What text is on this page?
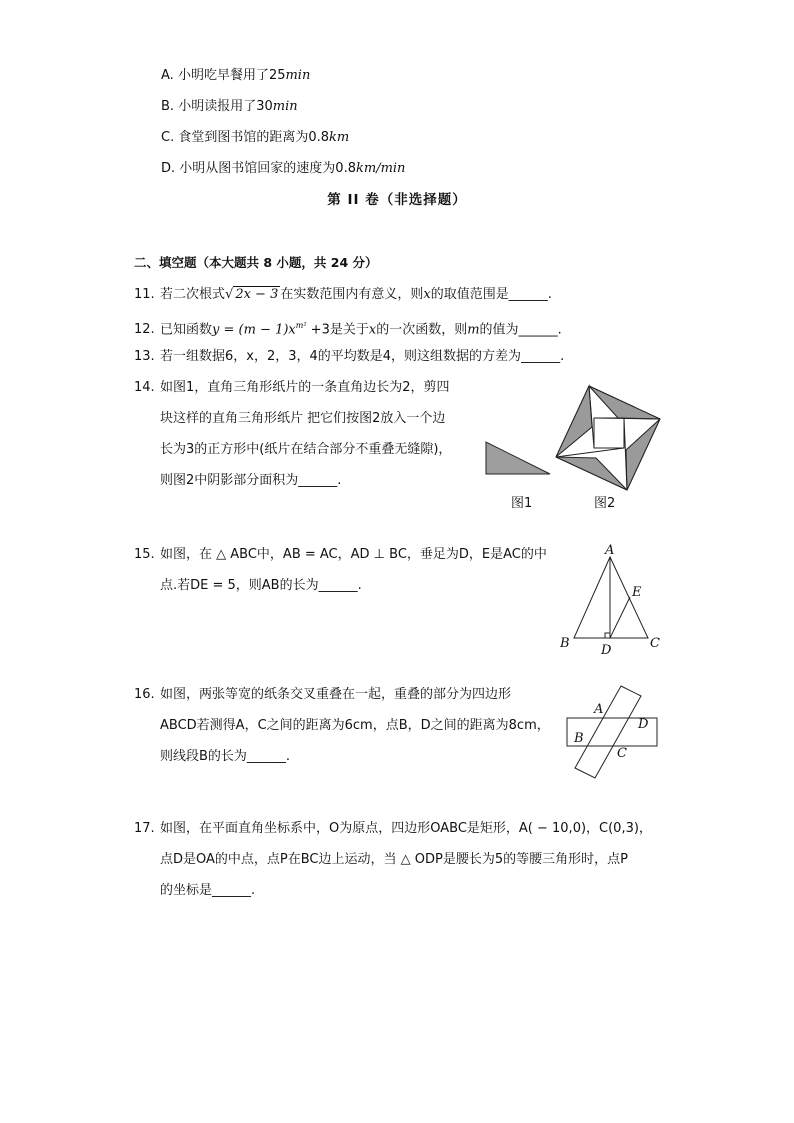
A. 小明吃早餐用了25min
B. 小明读报用了30min
C. 食堂到图书馆的距离为0.8km
D. 小明从图书馆回家的速度为0.8km/min
第 II 卷（非选择题）
二、填空题（本大题共 8 小题，共 24 分）
11. 若二次根式√ 2x − 3 在实数范围内有意义，则x的取值范围是______.
12. 已知函数$y = (m - 1)x^{m^2} +3$是关于x的一次函数，则m的值为______.
13. 若一组数据6，x，2，3，4的平均数是4，则这组数据的方差为______.
14. 如图1，直角三角形纸片的一条直角边长为2，剪四
块这样的直角三角形纸片 把它们按图2放入一个边
长为3的正方形中(纸片在结合部分不重叠无缝隙)，
则图2中阴影部分面积为______.
图1	图2
15. 如图，在 △ ABC中，AB = AC，AD ⊥ BC，垂足为D，E是AC的中
点.若DE = 5，则AB的长为______.
A
E
B D	C
16. 如图，两张等宽的纸条交叉重叠在一起，重叠的部分为四边形
ABCD若测得A，C之间的距离为6cm，点B，D之间的距离为8cm，
则线段B的长为______.
A
D
B
C
17. 如图，在平面直角坐标系中，O为原点，四边形OABC是矩形，A( − 10,0)，C(0,3)，
点D是OA的中点，点P在BC边上运动，当 △ ODP是腰长为5的等腰三角形时，点P
的坐标是______.
